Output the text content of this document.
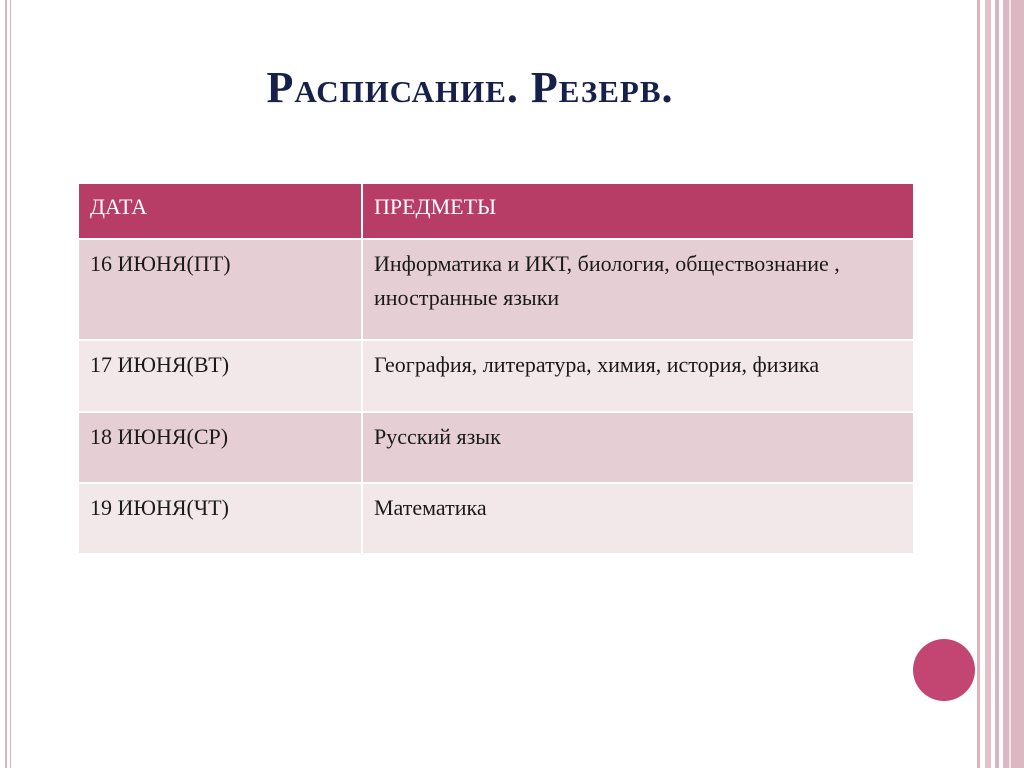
Расписание. Резерв.
ДАТА	ПРЕДМЕТЫ
16 ИЮНЯ(ПТ)	Информатика и ИКТ, биология, обществознание , иностранные языки
17 ИЮНЯ(ВТ)	География, литература, химия, история, физика
18 ИЮНЯ(СР)	Русский язык
19 ИЮНЯ(ЧТ)	Математика
